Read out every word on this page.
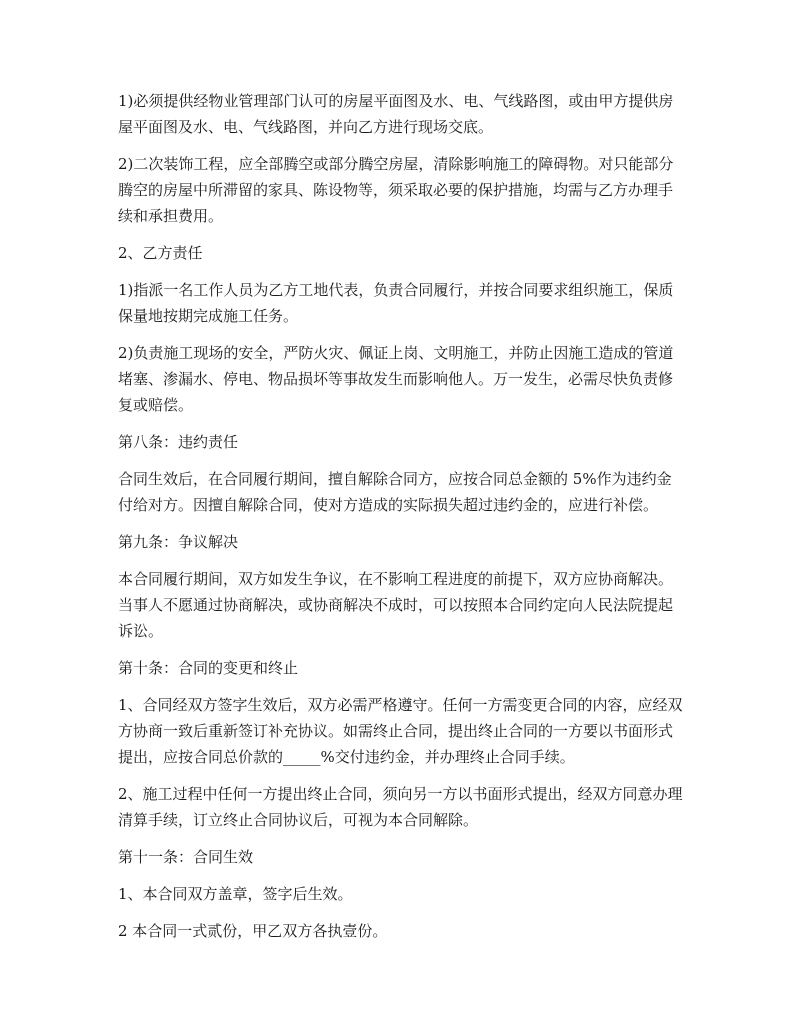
1)必须提供经物业管理部门认可的房屋平面图及水、电、气线路图，或由甲方提供房屋平面图及水、电、气线路图，并向乙方进行现场交底。

2)二次装饰工程，应全部腾空或部分腾空房屋，清除影响施工的障碍物。对只能部分腾空的房屋中所滞留的家具、陈设物等，须采取必要的保护措施，均需与乙方办理手续和承担费用。

2、乙方责任

1)指派一名工作人员为乙方工地代表，负责合同履行，并按合同要求组织施工，保质保量地按期完成施工任务。

2)负责施工现场的安全，严防火灾、佩证上岗、文明施工，并防止因施工造成的管道堵塞、渗漏水、停电、物品损坏等事故发生而影响他人。万一发生，必需尽快负责修复或赔偿。

第八条：违约责任

合同生效后，在合同履行期间，擅自解除合同方，应按合同总金额的 5%作为违约金付给对方。因擅自解除合同，使对方造成的实际损失超过违约金的，应进行补偿。

第九条：争议解决

本合同履行期间，双方如发生争议，在不影响工程进度的前提下，双方应协商解决。当事人不愿通过协商解决，或协商解决不成时，可以按照本合同约定向人民法院提起诉讼。

第十条：合同的变更和终止

1、合同经双方签字生效后，双方必需严格遵守。任何一方需变更合同的内容，应经双方协商一致后重新签订补充协议。如需终止合同，提出终止合同的一方要以书面形式提出，应按合同总价款的_____%交付违约金，并办理终止合同手续。

2、施工过程中任何一方提出终止合同，须向另一方以书面形式提出，经双方同意办理清算手续，订立终止合同协议后，可视为本合同解除。

第十一条：合同生效

1、本合同双方盖章，签字后生效。

2 本合同一式贰份，甲乙双方各执壹份。
